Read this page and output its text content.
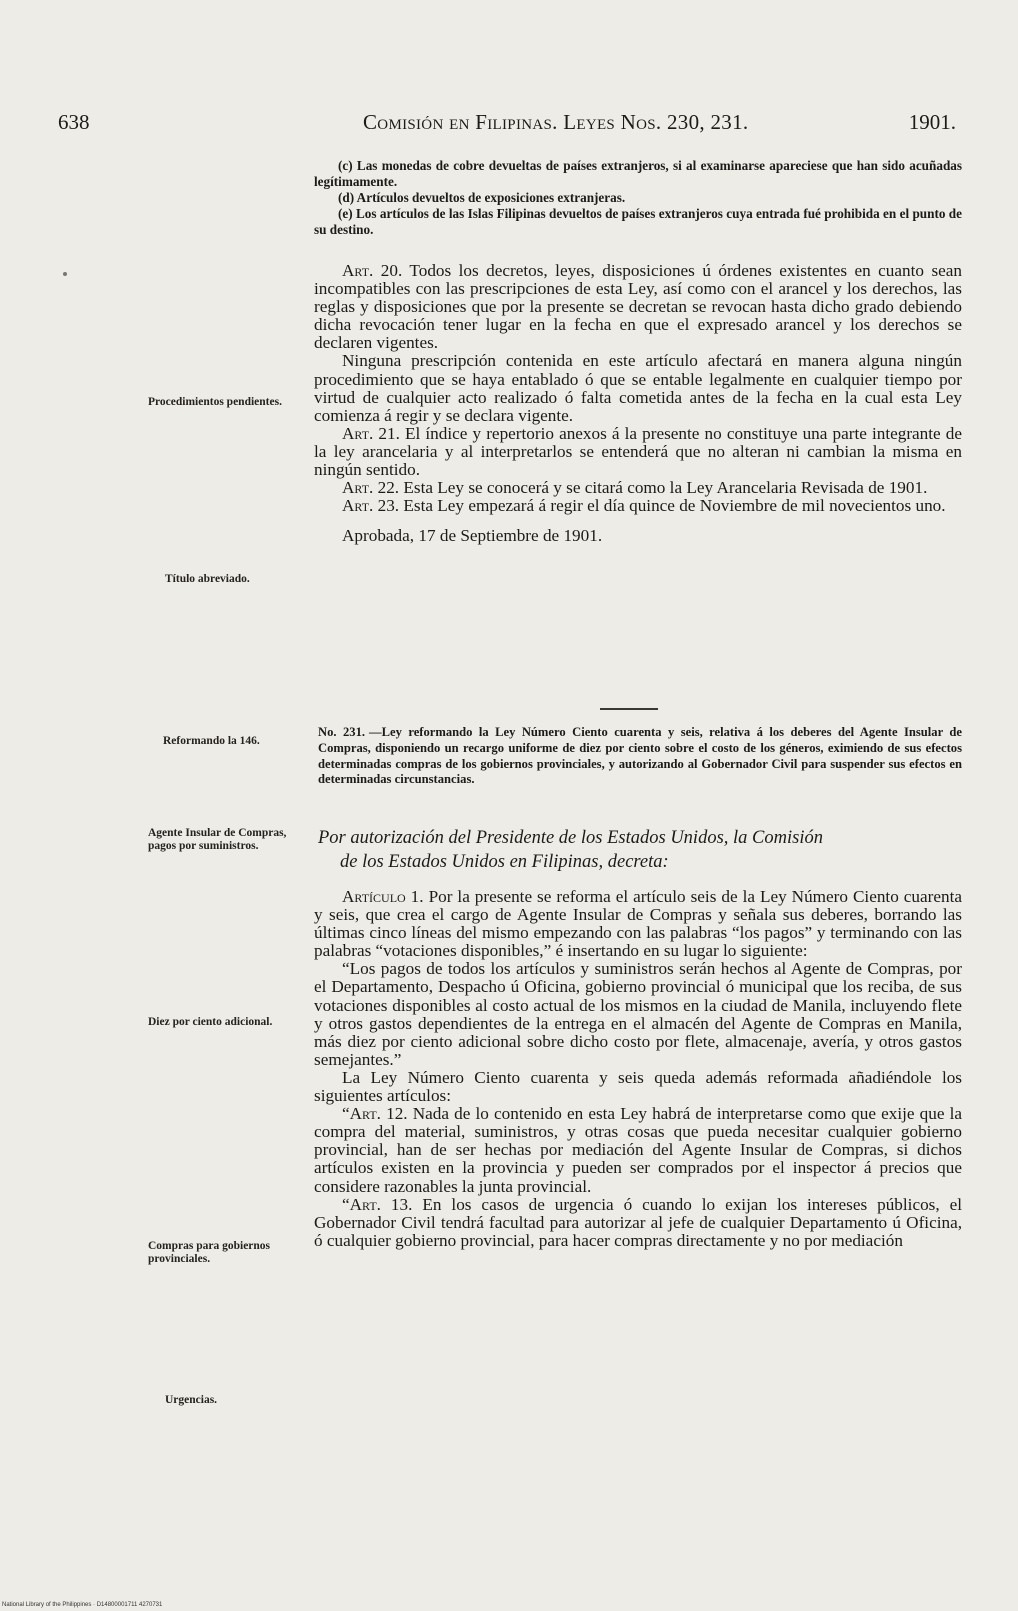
638	Comisión en Filipinas. Leyes Nos. 230, 231.	1901.

(c) Las monedas de cobre devueltas de países extranjeros, si al examinarse apareciese que han sido acuñadas legítimamente.

(d) Artículos devueltos de exposiciones extranjeras.

(e) Los artículos de las Islas Filipinas devueltos de países extranjeros cuya entrada fué prohibida en el punto de su destino.

Art. 20. Todos los decretos, leyes, disposiciones ú órdenes existentes en cuanto sean incompatibles con las prescripciones de esta Ley, así como con el arancel y los derechos, las reglas y disposiciones que por la presente se decretan se revocan hasta dicho grado debiendo dicha revocación tener lugar en la fecha en que el expresado arancel y los derechos se declaren vigentes.

Ninguna prescripción contenida en este artículo afectará en manera alguna ningún procedimiento que se haya entablado ó que se entable legalmente en cualquier tiempo por virtud de cualquier acto realizado ó falta cometida antes de la fecha en la cual esta Ley comienza á regir y se declara vigente.

Art. 21. El índice y repertorio anexos á la presente no constituye una parte integrante de la ley arancelaria y al interpretarlos se entenderá que no alteran ni cambian la misma en ningún sentido.

Art. 22. Esta Ley se conocerá y se citará como la Ley Arancelaria Revisada de 1901.

Art. 23. Esta Ley empezará á regir el día quince de Noviembre de mil novecientos uno.

Aprobada, 17 de Septiembre de 1901.

No. 231. —Ley reformando la Ley Número Ciento cuarenta y seis, relativa á los deberes del Agente Insular de Compras, disponiendo un recargo uniforme de diez por ciento sobre el costo de los géneros, eximiendo de sus efectos determinadas compras de los gobiernos provinciales, y autorizando al Gobernador Civil para suspender sus efectos en determinadas circunstancias.
Por autorización del Presidente de los Estados Unidos, la Comisión
de los Estados Unidos en Filipinas, decreta:

Artículo 1. Por la presente se reforma el artículo seis de la Ley Número Ciento cuarenta y seis, que crea el cargo de Agente Insular de Compras y señala sus deberes, borrando las últimas cinco líneas del mismo empezando con las palabras “los pagos” y terminando con las palabras “votaciones disponibles,” é insertando en su lugar lo siguiente:

“Los pagos de todos los artículos y suministros serán hechos al Agente de Compras, por el Departamento, Despacho ú Oficina, gobierno provincial ó municipal que los reciba, de sus votaciones disponibles al costo actual de los mismos en la ciudad de Manila, incluyendo flete y otros gastos dependientes de la entrega en el almacén del Agente de Compras en Manila, más diez por ciento adicional sobre dicho costo por flete, almacenaje, avería, y otros gastos semejantes.”

La Ley Número Ciento cuarenta y seis queda además reformada añadiéndole los siguientes artículos:

“Art. 12. Nada de lo contenido en esta Ley habrá de interpretarse como que exije que la compra del material, suministros, y otras cosas que pueda necesitar cualquier gobierno provincial, han de ser hechas por mediación del Agente Insular de Compras, si dichos artículos existen en la provincia y pueden ser comprados por el inspector á precios que considere razonables la junta provincial.

“Art. 13. En los casos de urgencia ó cuando lo exijan los intereses públicos, el Gobernador Civil tendrá facultad para autorizar al jefe de cualquier Departamento ú Oficina, ó cualquier gobierno provincial, para hacer compras directamente y no por mediación

Procedimientos pendientes.
Título abreviado.
Reformando la 146.
Agente Insular de Compras, pagos por suministros.
Diez por ciento adicional.
Compras para gobiernos provinciales.
Urgencias.
National Library of the Philippines · D14800001711 4270731
